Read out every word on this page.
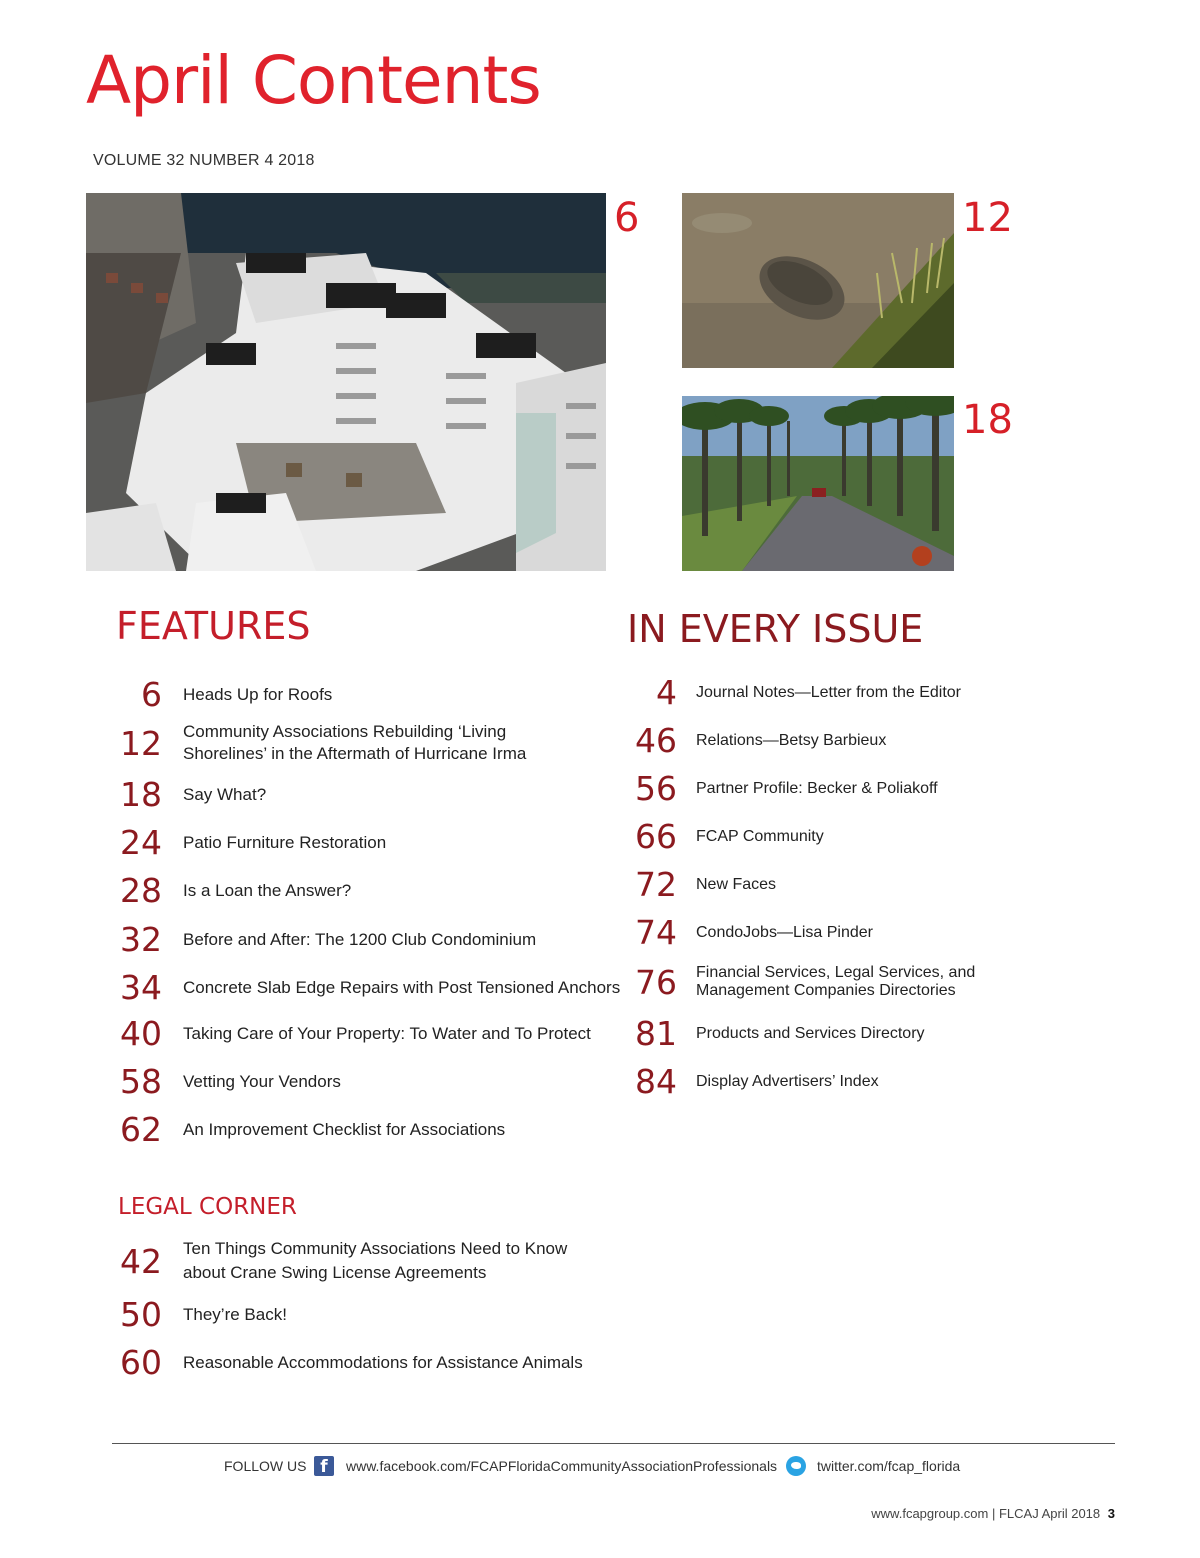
April Contents
VOLUME 32 NUMBER 4 2018
6	12
18
FEATURES
6 Heads Up for Roofs
12 Community Associations Rebuilding ‘Living Shorelines’ in the Aftermath of Hurricane Irma
18 Say What?
24 Patio Furniture Restoration
28 Is a Loan the Answer?
32 Before and After: The 1200 Club Condominium
34 Concrete Slab Edge Repairs with Post Tensioned Anchors
40 Taking Care of Your Property: To Water and To Protect
58 Vetting Your Vendors
62 An Improvement Checklist for Associations
LEGAL CORNER
42 Ten Things Community Associations Need to Know about Crane Swing License Agreements
50 They’re Back!
60 Reasonable Accommodations for Assistance Animals
IN EVERY ISSUE
4 Journal Notes—Letter from the Editor
46 Relations—Betsy Barbieux
56 Partner Profile: Becker & Poliakoff
66 FCAP Community
72 New Faces
74 CondoJobs—Lisa Pinder
76 Financial Services, Legal Services, and Management Companies Directories
81 Products and Services Directory
84 Display Advertisers’ Index
FOLLOW US	www.facebook.com/FCAPFloridaCommunityAssociationProfessionals	twitter.com/fcap_florida
f
www.fcapgroup.com | FLCAJ April 2018 3
